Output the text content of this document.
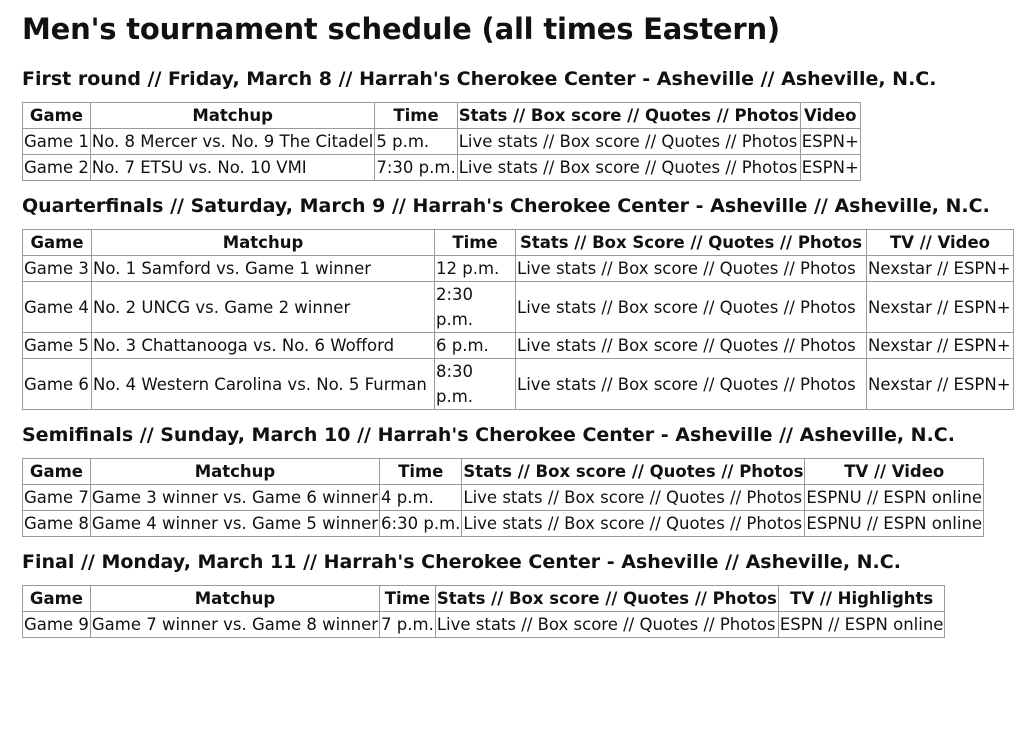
Men's tournament schedule (all times Eastern)
First round // Friday, March 8 // Harrah's Cherokee Center - Asheville // Asheville, N.C.
Game	Matchup	Time	Stats // Box score // Quotes // Photos	Video
Game 1	No. 8 Mercer vs. No. 9 The Citadel	5 p.m.	Live stats // Box score // Quotes // Photos	ESPN+
Game 2	No. 7 ETSU vs. No. 10 VMI	7:30 p.m.	Live stats // Box score // Quotes // Photos	ESPN+
Quarterfinals // Saturday, March 9 // Harrah's Cherokee Center - Asheville // Asheville, N.C.
Game	Matchup	Time	Stats // Box Score // Quotes // Photos	TV // Video
Game 3	No. 1 Samford vs. Game 1 winner	12 p.m.	Live stats // Box score // Quotes // Photos	Nexstar // ESPN+
Game 4	No. 2 UNCG vs. Game 2 winner	2:30 p.m.	Live stats // Box score // Quotes // Photos	Nexstar // ESPN+
Game 5	No. 3 Chattanooga vs. No. 6 Wofford	6 p.m.	Live stats // Box score // Quotes // Photos	Nexstar // ESPN+
Game 6	No. 4 Western Carolina vs. No. 5 Furman	8:30 p.m.	Live stats // Box score // Quotes // Photos	Nexstar // ESPN+
Semifinals // Sunday, March 10 // Harrah's Cherokee Center - Asheville // Asheville, N.C.
Game	Matchup	Time	Stats // Box score // Quotes // Photos	TV // Video
Game 7	Game 3 winner vs. Game 6 winner	4 p.m.	Live stats // Box score // Quotes // Photos	ESPNU // ESPN online
Game 8	Game 4 winner vs. Game 5 winner	6:30 p.m.	Live stats // Box score // Quotes // Photos	ESPNU // ESPN online
Final // Monday, March 11 // Harrah's Cherokee Center - Asheville // Asheville, N.C.
Game	Matchup	Time	Stats // Box score // Quotes // Photos	TV // Highlights
Game 9	Game 7 winner vs. Game 8 winner	7 p.m.	Live stats // Box score // Quotes // Photos	ESPN // ESPN online
